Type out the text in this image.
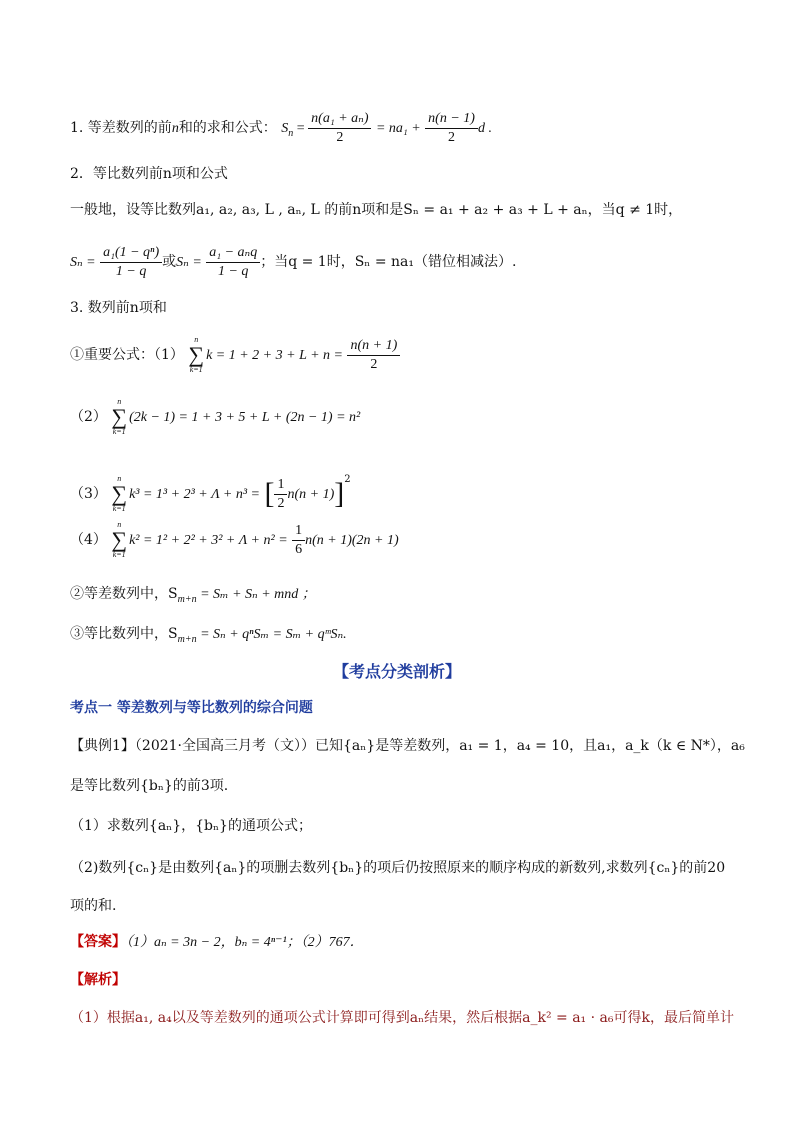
1. 等差数列的前n和的求和公式： $S_n = \frac{\text{n(a₁ + aₙ)}}{2} = na_1 + \frac{n(n - 1)}{2}$ d .
2．等比数列前n项和公式
一般地，设等比数列a₁, a₂, a₃, L , aₙ, L 的前n项和是Sₙ = a₁ + a₂ + a₃ + L + aₙ，当q ≠ 1时，
$S_n = \frac{\text{a₁(1 − qⁿ)}}{1 - q}$ 或$S_n = \frac{\text{a₁ − aₙq}}{1 - q}$ ；当q = 1时，Sₙ = na₁（错位相减法）.
3. 数列前n项和
①重要公式：（1）
n
∑
k=1
$k = 1 + 2 + 3 + L + n = \frac{n(n + 1)}{2}$
（2）
n
∑
k=1
(2k − 1) = 1 + 3 + 5 + L + (2n − 1) = n²
（3）
n
∑
k=1
k³ = 1³ + 2³ + Λ + n³ = [ $\frac{1}{2} n(n + 1)]^2$
（4）
n
∑
k=1
$k^2 = 1^2 + 2^2 + 3^2 + \Lambda + n^2 = \frac{1}{6} n(n + 1)(2n + 1)$
②等差数列中，$S_{m+n} = S_m + S_n$ + mnd ；
③等比数列中，$S_{m+n} = S_n + q^nS_m = S_m$ + qᵐSₙ.
【考点分类剖析】
考点一 等差数列与等比数列的综合问题
【典例1】（2021·全国高三月考（文））已知{aₙ}是等差数列，a₁ = 1，a₄ = 10，且a₁，a_k（k ∈ N*），a₆
是等比数列{bₙ}的前3项.
（1）求数列{aₙ}，{bₙ}的通项公式；
（2)数列{cₙ}是由数列{aₙ}的项删去数列{bₙ}的项后仍按照原来的顺序构成的新数列,求数列{cₙ}的前20
项的和.
【答案】（1）aₙ = 3n − 2，bₙ = 4ⁿ⁻¹；（2）767．
【解析】
（1）根据a₁, a₄以及等差数列的通项公式计算即可得到aₙ结果，然后根据a_k² = a₁ · a₆可得k，最后简单计
